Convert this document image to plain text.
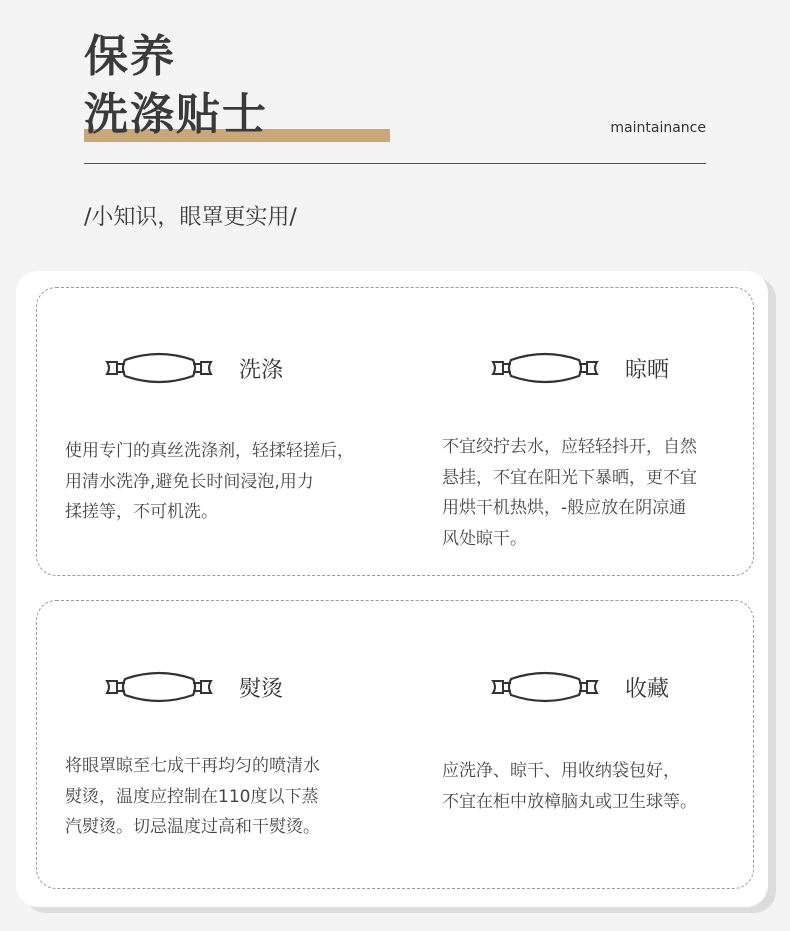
保养
洗涤贴士	maintainance
/小知识，眼罩更实用/
洗涤
使用专门的真丝洗涤剂，轻揉轻搓后，
用清水洗净,避免长时间浸泡,用力
揉搓等，不可机洗。
晾晒
不宜绞拧去水，应轻轻抖开，自然
悬挂，不宜在阳光下暴晒，更不宜
用烘干机热烘，-般应放在阴凉通
风处晾干。
熨烫
将眼罩晾至七成干再均匀的喷清水
熨烫，温度应控制在110度以下蒸
汽熨烫。切忌温度过高和干熨烫。
收藏
应洗净、晾干、用收纳袋包好，
不宜在柜中放樟脑丸或卫生球等。
